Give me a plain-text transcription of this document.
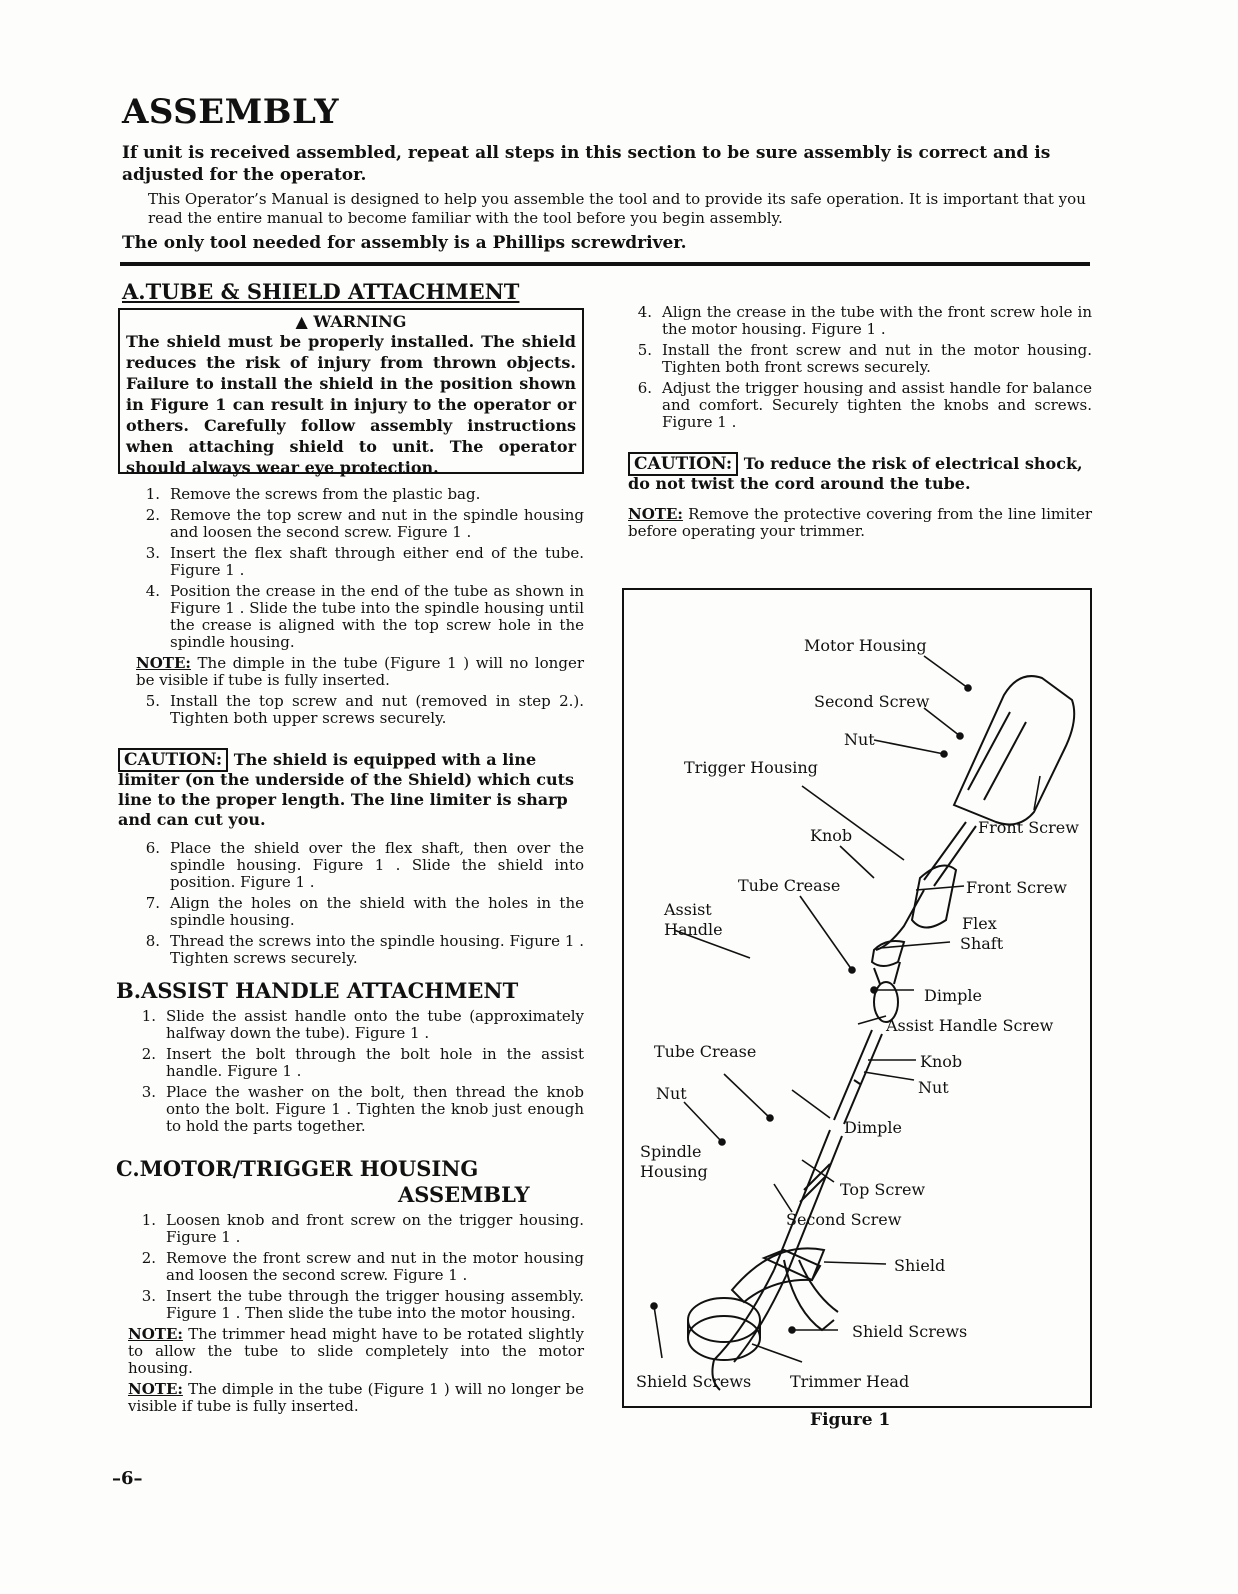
ASSEMBLY
If unit is received assembled, repeat all steps in this section to be sure assembly is correct and is adjusted for the operator.
This Operator’s Manual is designed to help you assemble the tool and to provide its safe operation. It is important that you read the entire manual to become familiar with the tool before you begin assembly.
The only tool needed for assembly is a Phillips screwdriver.
A.TUBE & SHIELD ATTACHMENT
▲ WARNING
The shield must be properly installed. The shield reduces the risk of injury from thrown objects. Failure to install the shield in the position shown in Figure 1 can result in injury to the operator or others. Carefully follow assembly instructions when attaching shield to unit. The operator should always wear eye protection.
1. Remove the screws from the plastic bag.
2. Remove the top screw and nut in the spindle housing and loosen the second screw. Figure 1 .
3. Insert the flex shaft through either end of the tube. Figure 1 .
4. Position the crease in the end of the tube as shown in Figure 1 . Slide the tube into the spindle housing until the crease is aligned with the top screw hole in the spindle housing.
NOTE: The dimple in the tube (Figure 1 ) will no longer be visible if tube is fully inserted.
5. Install the top screw and nut (removed in step 2.). Tighten both upper screws securely.
CAUTION: The shield is equipped with a line limiter (on the underside of the Shield) which cuts line to the proper length. The line limiter is sharp and can cut you.
6. Place the shield over the flex shaft, then over the spindle housing. Figure 1 . Slide the shield into position. Figure 1 .
7. Align the holes on the shield with the holes in the spindle housing.
8. Thread the screws into the spindle housing. Figure 1 . Tighten screws securely.
B.ASSIST HANDLE ATTACHMENT
1. Slide the assist handle onto the tube (approximately halfway down the tube). Figure 1 .
2. Insert the bolt through the bolt hole in the assist handle. Figure 1 .
3. Place the washer on the bolt, then thread the knob onto the bolt. Figure 1 . Tighten the knob just enough to hold the parts together.
C.MOTOR/TRIGGER HOUSING
ASSEMBLY
1. Loosen knob and front screw on the trigger housing. Figure 1 .
2. Remove the front screw and nut in the motor housing and loosen the second screw. Figure 1 .
3. Insert the tube through the trigger housing assembly. Figure 1 . Then slide the tube into the motor housing.
NOTE: The trimmer head might have to be rotated slightly to allow the tube to slide completely into the motor housing.
NOTE: The dimple in the tube (Figure 1 ) will no longer be visible if tube is fully inserted.
–6–
4. Align the crease in the tube with the front screw hole in the motor housing. Figure 1 .
5. Install the front screw and nut in the motor housing. Tighten both front screws securely.
6. Adjust the trigger housing and assist handle for balance and comfort. Securely tighten the knobs and screws. Figure 1 .
CAUTION: To reduce the risk of electrical shock, do not twist the cord around the tube.
NOTE: Remove the protective covering from the line limiter before operating your trimmer.
Motor Housing
Second Screw
Nut
Trigger Housing
Front Screw
Knob
Tube Crease	Front Screw
Assist
Handle	Flex
Shaft
Dimple
Assist Handle Screw
Tube Crease
Knob
Nut	Nut
Dimple
Spindle
Housing
Top Screw
Second Screw
Shield
Shield Screws
Shield Screws Trimmer Head
Figure 1
